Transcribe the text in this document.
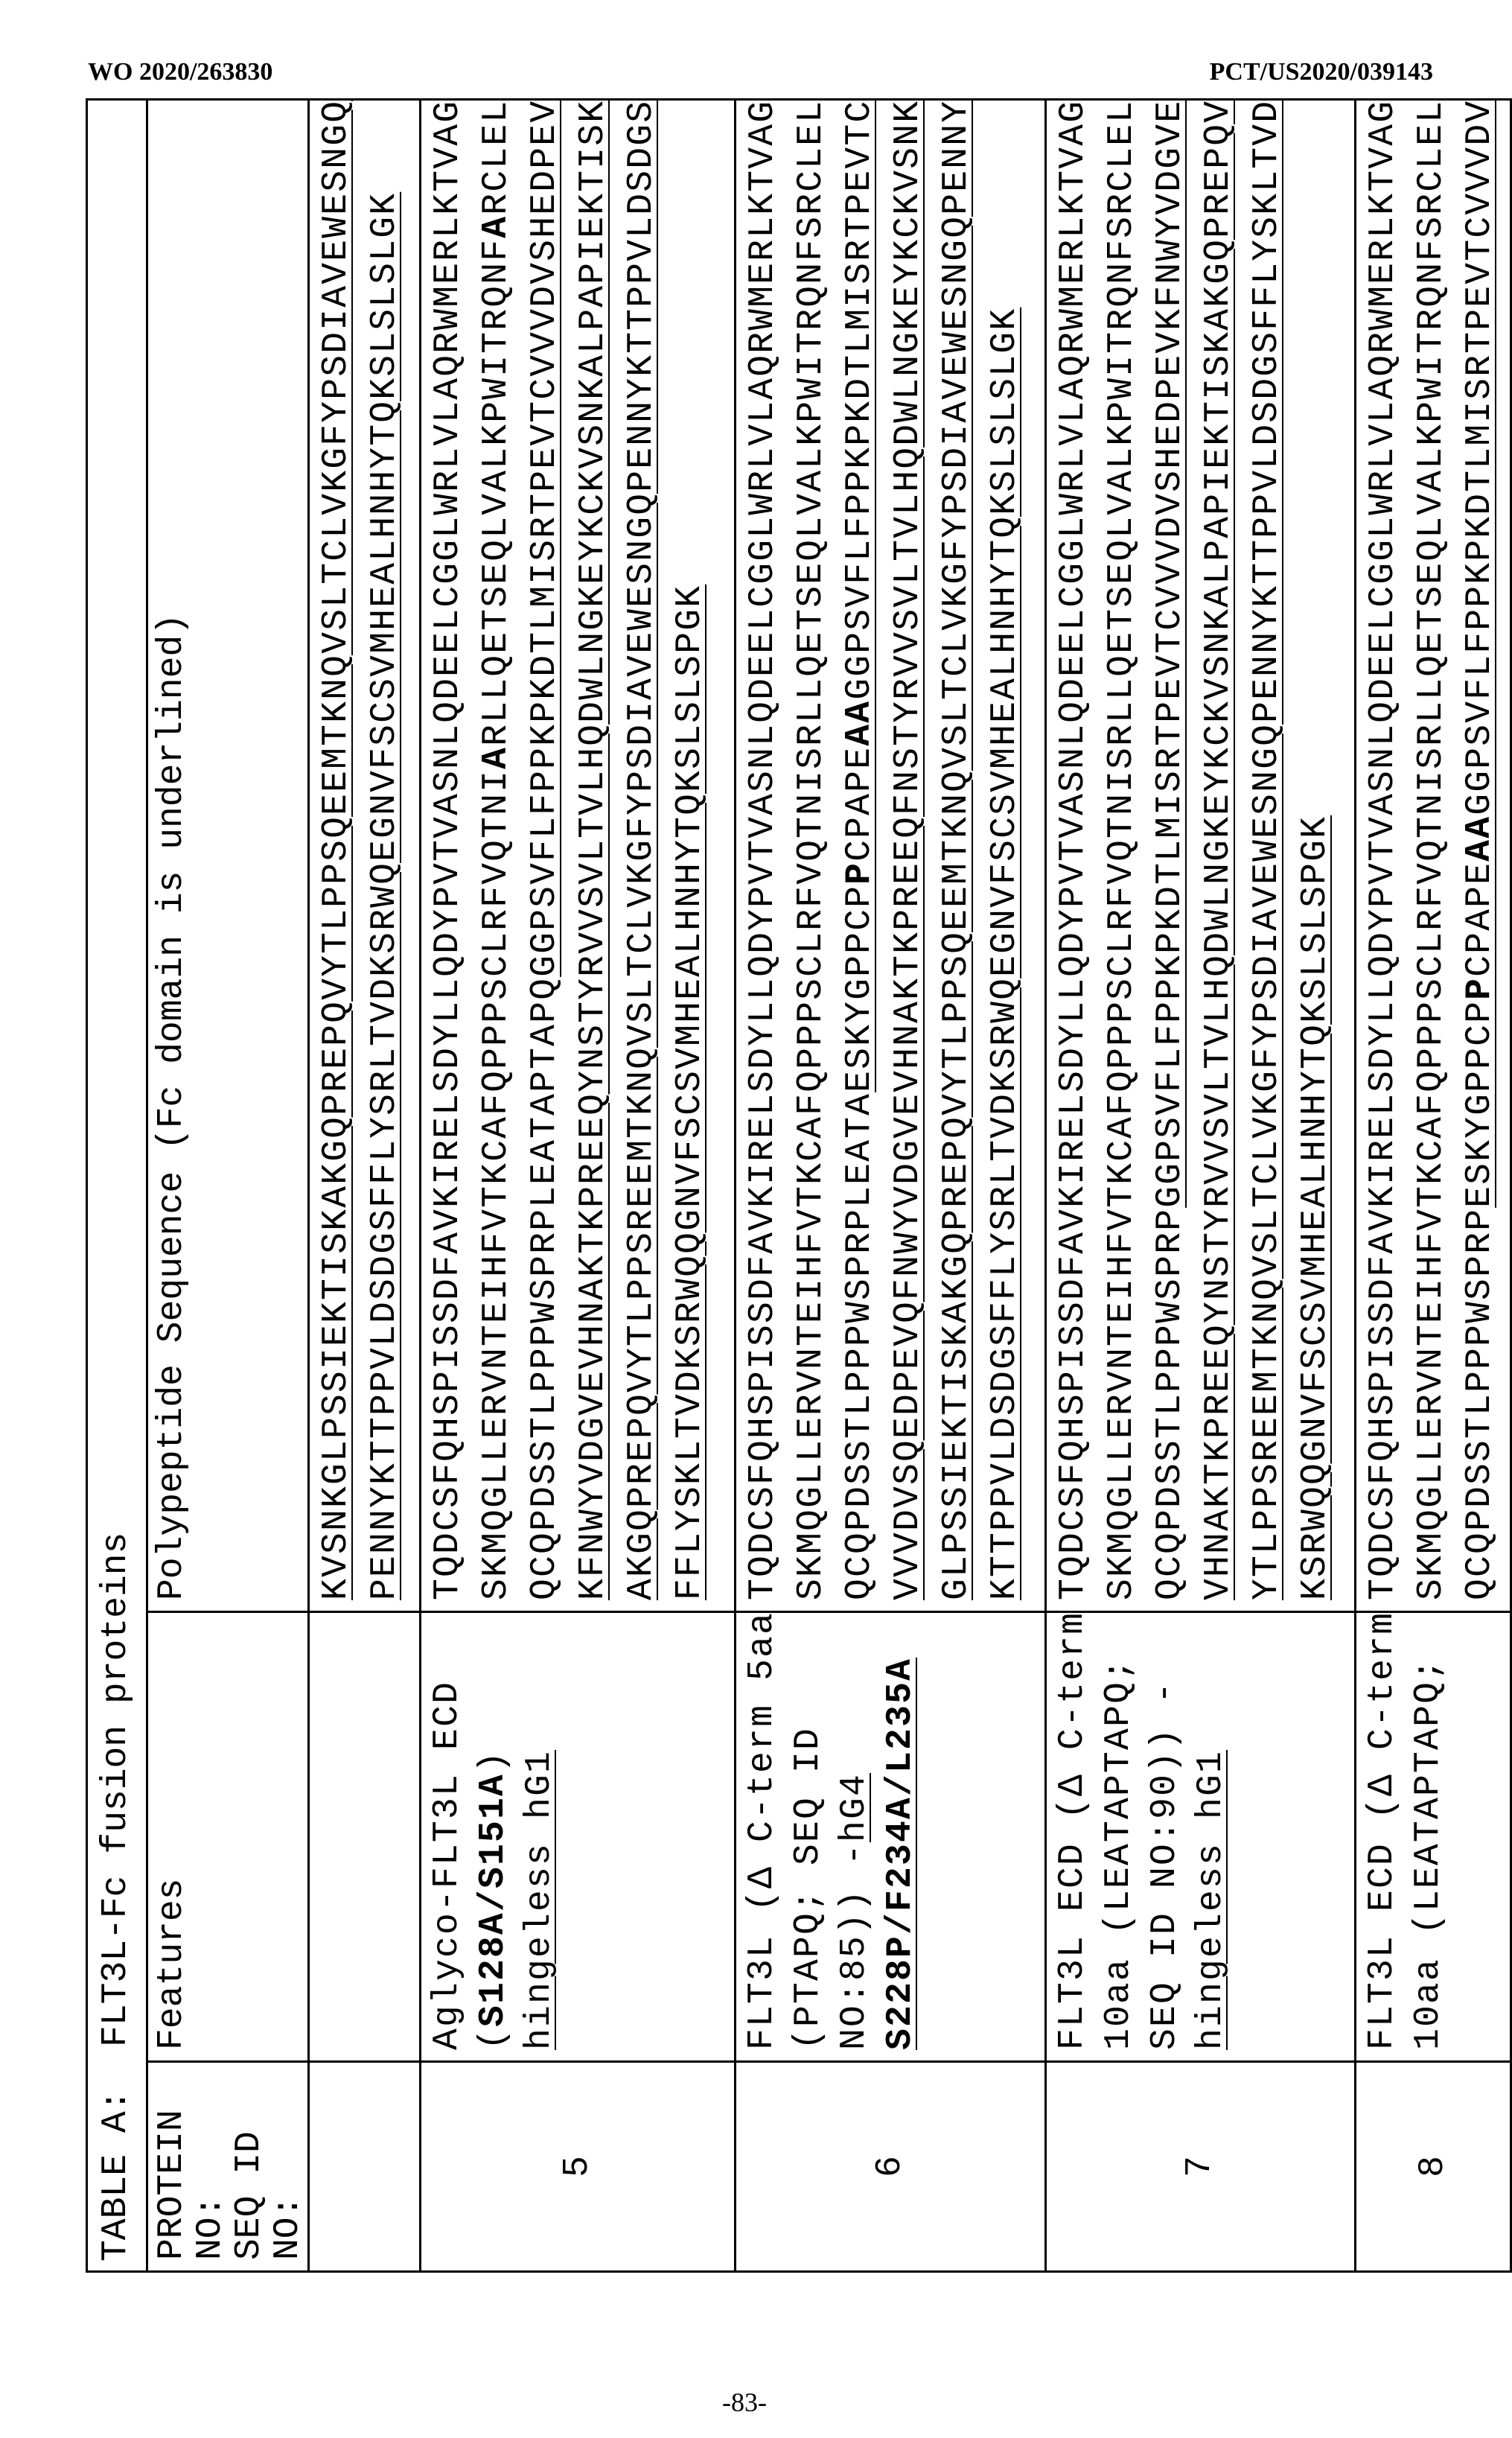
WO 2020/263830	PCT/US2020/039143
-83-
TABLE A:  FLT3L-Fc fusion proteinsPROTEIN NO:
SEQ ID NO:
	Features	Polypeptide Sequence (Fc domain is underlined)		KVSNKGLPSSIEKTISKAKGQPREPQVYTLPPSQEEMTKNQVSLTCLVKGFYPSDIAVEWESNGQ PENNYKTTPPVLDSDGSFFLYSRLTVDKSRWQEGNVFSCSVMHEALHNHYTQKSLSLSLGK

5	
Aglyco-FLT3L ECD (S128A/S151A) hingeless hG1

TQDCSFQHSPISSDFAVKIRELSDYLLQDYPVTVASNLQDEELCGGLWRLVLAQRWMERLKTVAG SKMQGLLERVNTEIHFVTKCAFQPPPSCLRFVQTNIARLLQETSEQLVALKPWITRQNFARCLEL
QCQPDSSTLPPPWSPRPLEATAPTAPQGGPSVFLFPPKPKDTLMISRTPEVTCVVVDVSHEDPEV KFNWYVDGVEVHNAKTKPREEQYNSTYRVVSVLTVLHQDWLNGKEYKCKVSNKALPAPIEKTISK AKGQPREPQVYTLPPSREEMTKNQVSLTCLVKGFYPSDIAVEWESNGQPENNYKTTPPVLDSDGS FFLYSKLTVDKSRWQQGNVFSCSVMHEALHNHYTQKSLSLSPGK

6	
FLT3L (Δ C-term 5aa (PTAPQ; SEQ ID NO:85)) -hG4 S228P/F234A/L235A

TQDCSFQHSPISSDFAVKIRELSDYLLQDYPVTVASNLQDEELCGGLWRLVLAQRWMERLKTVAG SKMQGLLERVNTEIHFVTKCAFQPPPSCLRFVQTNISRLLQETSEQLVALKPWITRQNFSRCLEL QCQPDSSTLPPPWSPRPLEATAESKYGPPCPPCPAPEAAGGPSVFLFPPKPKDTLMISRTPEVTC VVVDVSQEDPEVQFNWYVDGVEVHNAKTKPREEQFNSTYRVVSVLTVLHQDWLNGKEYKCKVSNK GLPSSIEKTISKAKGQPREPQVYTLPPSQEEMTKNQVSLTCLVKGFYPSDIAVEWESNGQPENNY KTTPPVLDSDGSFFLYSRLTVDKSRWQEGNVFSCSVMHEALHNHYTQKSLSLSLGK

7	
FLT3L ECD (Δ C-term 10aa (LEATAPTAPQ; SEQ ID NO:90)) - hingeless hG1

TQDCSFQHSPISSDFAVKIRELSDYLLQDYPVTVASNLQDEELCGGLWRLVLAQRWMERLKTVAG SKMQGLLERVNTEIHFVTKCAFQPPPSCLRFVQTNISRLLQETSEQLVALKPWITRQNFSRCLEL QCQPDSSTLPPPWSPRPGGPSVFLFPPKPKDTLMISRTPEVTCVVVDVSHEDPEVKFNWYVDGVE VHNAKTKPREEQYNSTYRVVSVLTVLHQDWLNGKEYKCKVSNKALPAPIEKTISKAKGQPREPQV YTLPPSREEMTKNQVSLTCLVKGFYPSDIAVEWESNGQPENNYKTTPPVLDSDGSFFLYSKLTVD KSRWQQGNVFSCSVMHEALHNHYTQKSLSLSPGK

8	
FLT3L ECD (Δ C-term 10aa (LEATAPTAPQ;

TQDCSFQHSPISSDFAVKIRELSDYLLQDYPVTVASNLQDEELCGGLWRLVLAQRWMERLKTVAG SKMQGLLERVNTEIHFVTKCAFQPPPSCLRFVQTNISRLLQETSEQLVALKPWITRQNFSRCLEL QCQPDSSTLPPPWSPRPESKYGPPCPPCPAPEAAGGPSVFLFPPKPKDTLMISRTPEVTCVVVDV
